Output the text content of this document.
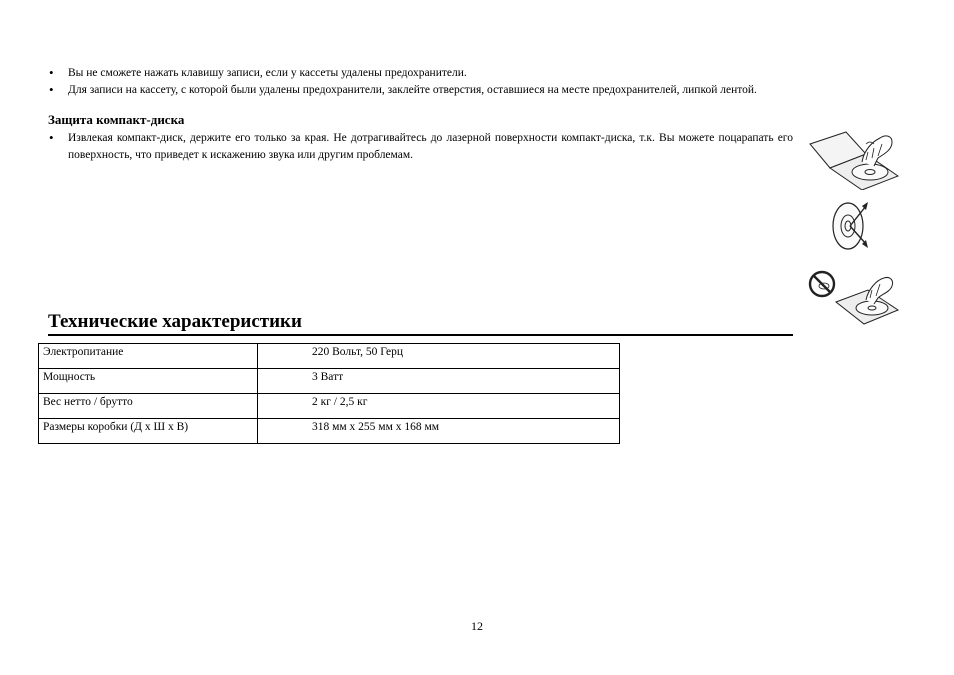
• Вы не сможете нажать клавишу записи, если у кассеты удалены предохранители.
• Для записи на кассету, с которой были удалены предохранители, заклейте отверстия, оставшиеся на месте предохранителей, липкой лентой.
Защита компакт-диска
• Извлекая компакт-диск, держите его только за края. Не дотрагивайтесь до лазерной поверхности компакт-диска, т.к. Вы можете поцарапать его поверхность, что приведет к искажению звука или другим проблемам.
Технические характеристики
Электропитание	220 Вольт, 50 Герц
Мощность	3 Ватт
Вес нетто / брутто	2 кг / 2,5 кг
Размеры коробки (Д х Ш х В)	318 мм х 255 мм х 168 мм
12
